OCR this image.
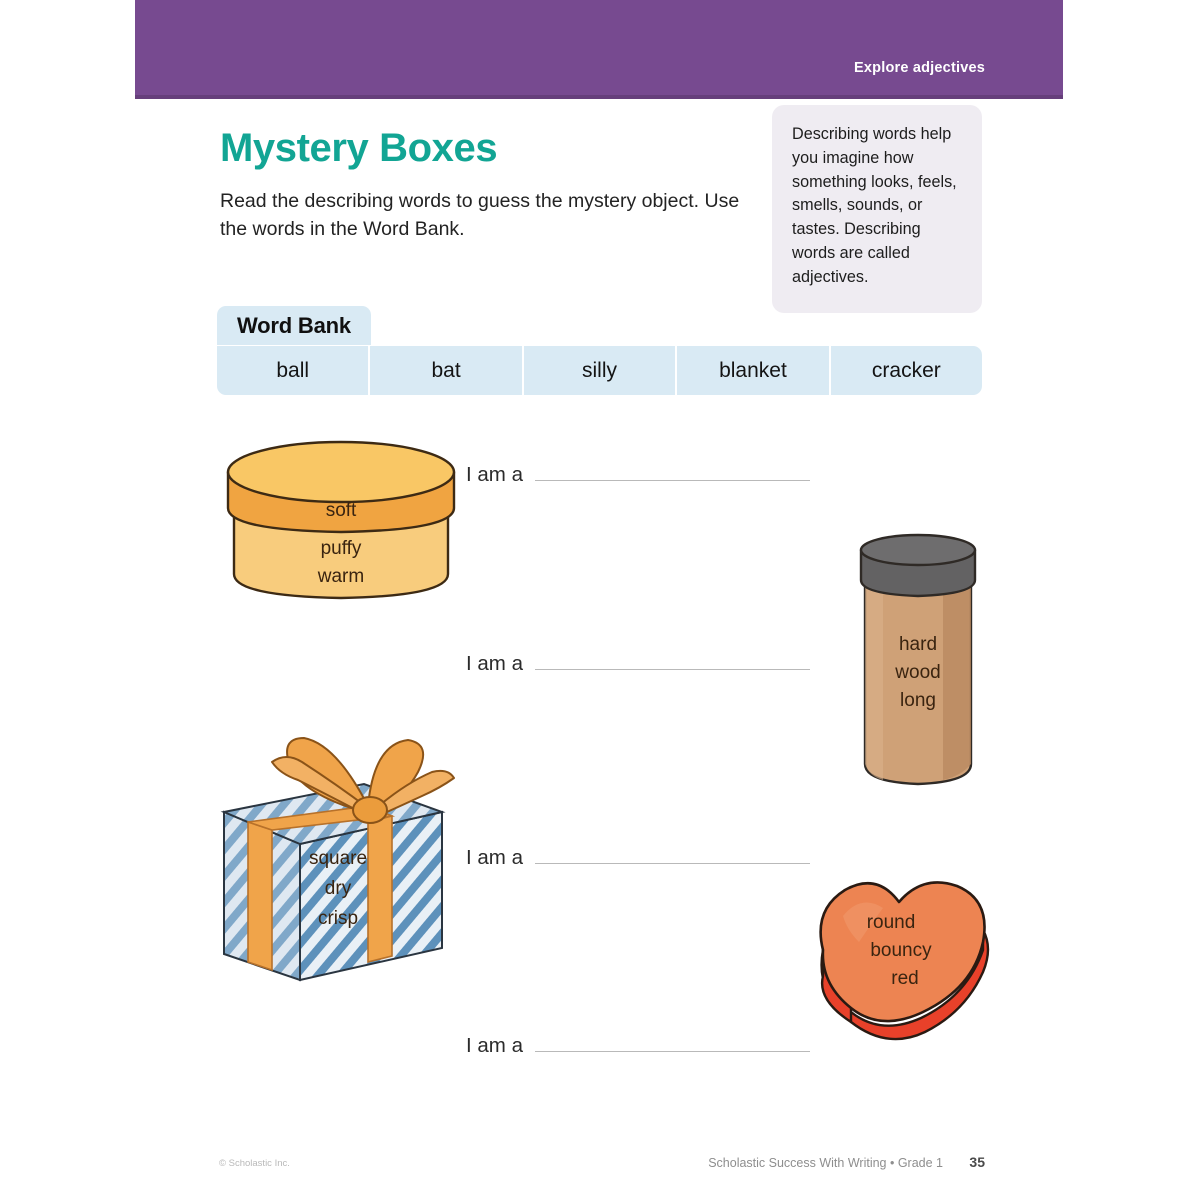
Explore adjectives
Mystery Boxes
Read the describing words to guess the mystery object. Use the words in the Word Bank.
Describing words help you imagine how something looks, feels, smells, sounds, or tastes. Describing words are called adjectives.
Word Bank
ball	bat	silly	blanket	cracker
soft
puffy
warm
hard
wood
long
square
dry
crisp	round
bouncy
red
I am a
I am a
I am a
I am a
© Scholastic Inc.	Scholastic Success With Writing • Grade 1 35
